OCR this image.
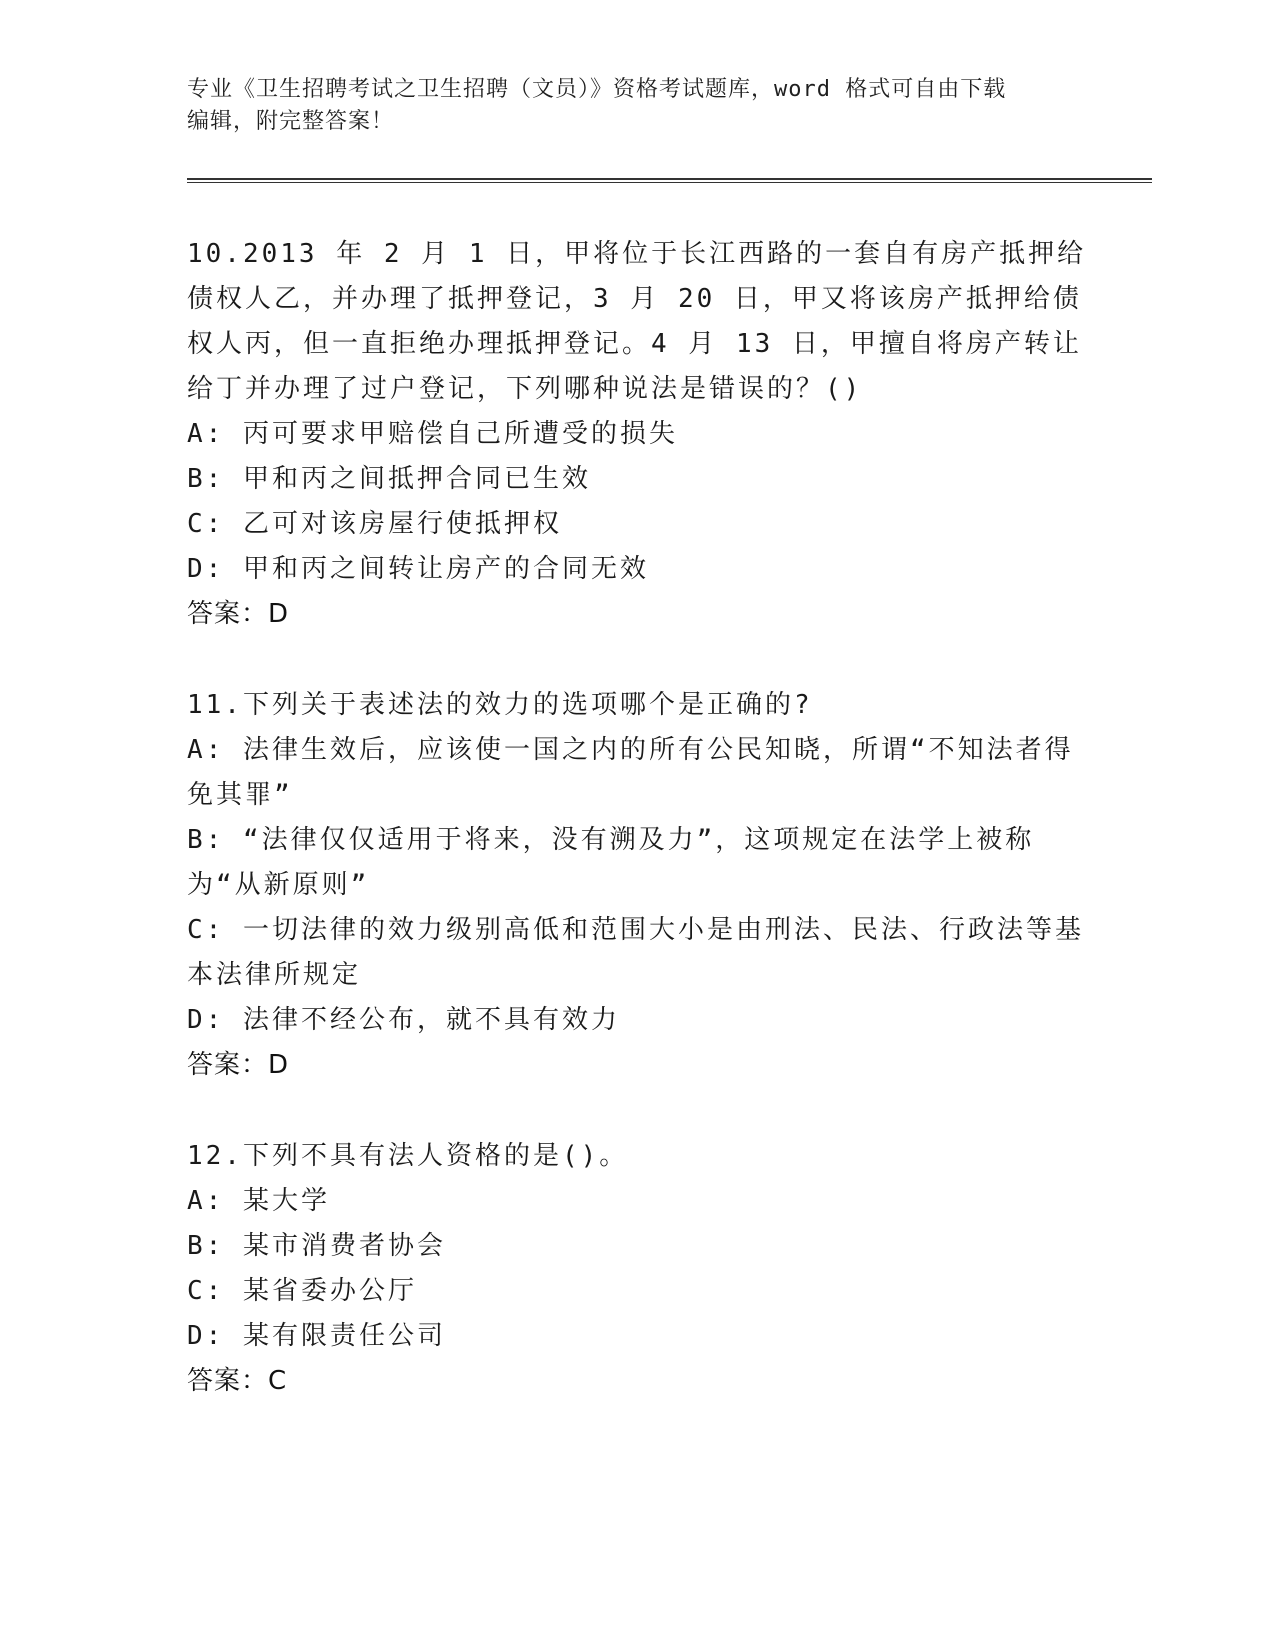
专业《卫生招聘考试之卫生招聘（文员）》资格考试题库，word 格式可自由下载
编辑，附完整答案！
10.2013 年 2 月 1 日，甲将位于长江西路的一套自有房产抵押给债权人乙，并办理了抵押登记，3 月 20 日，甲又将该房产抵押给债权人丙，但一直拒绝办理抵押登记。4 月 13 日，甲擅自将房产转让给丁并办理了过户登记，下列哪种说法是错误的？()
A: 丙可要求甲赔偿自己所遭受的损失
B: 甲和丙之间抵押合同已生效
C: 乙可对该房屋行使抵押权
D: 甲和丙之间转让房产的合同无效
答案：D
11.下列关于表述法的效力的选项哪个是正确的?
A: 法律生效后，应该使一国之内的所有公民知晓，所谓“不知法者得免其罪”
B: “法律仅仅适用于将来，没有溯及力”，这项规定在法学上被称为“从新原则”
C: 一切法律的效力级别高低和范围大小是由刑法、民法、行政法等基本法律所规定
D: 法律不经公布，就不具有效力
答案：D
12.下列不具有法人资格的是()。
A: 某大学
B: 某市消费者协会
C: 某省委办公厅
D: 某有限责任公司
答案：C
